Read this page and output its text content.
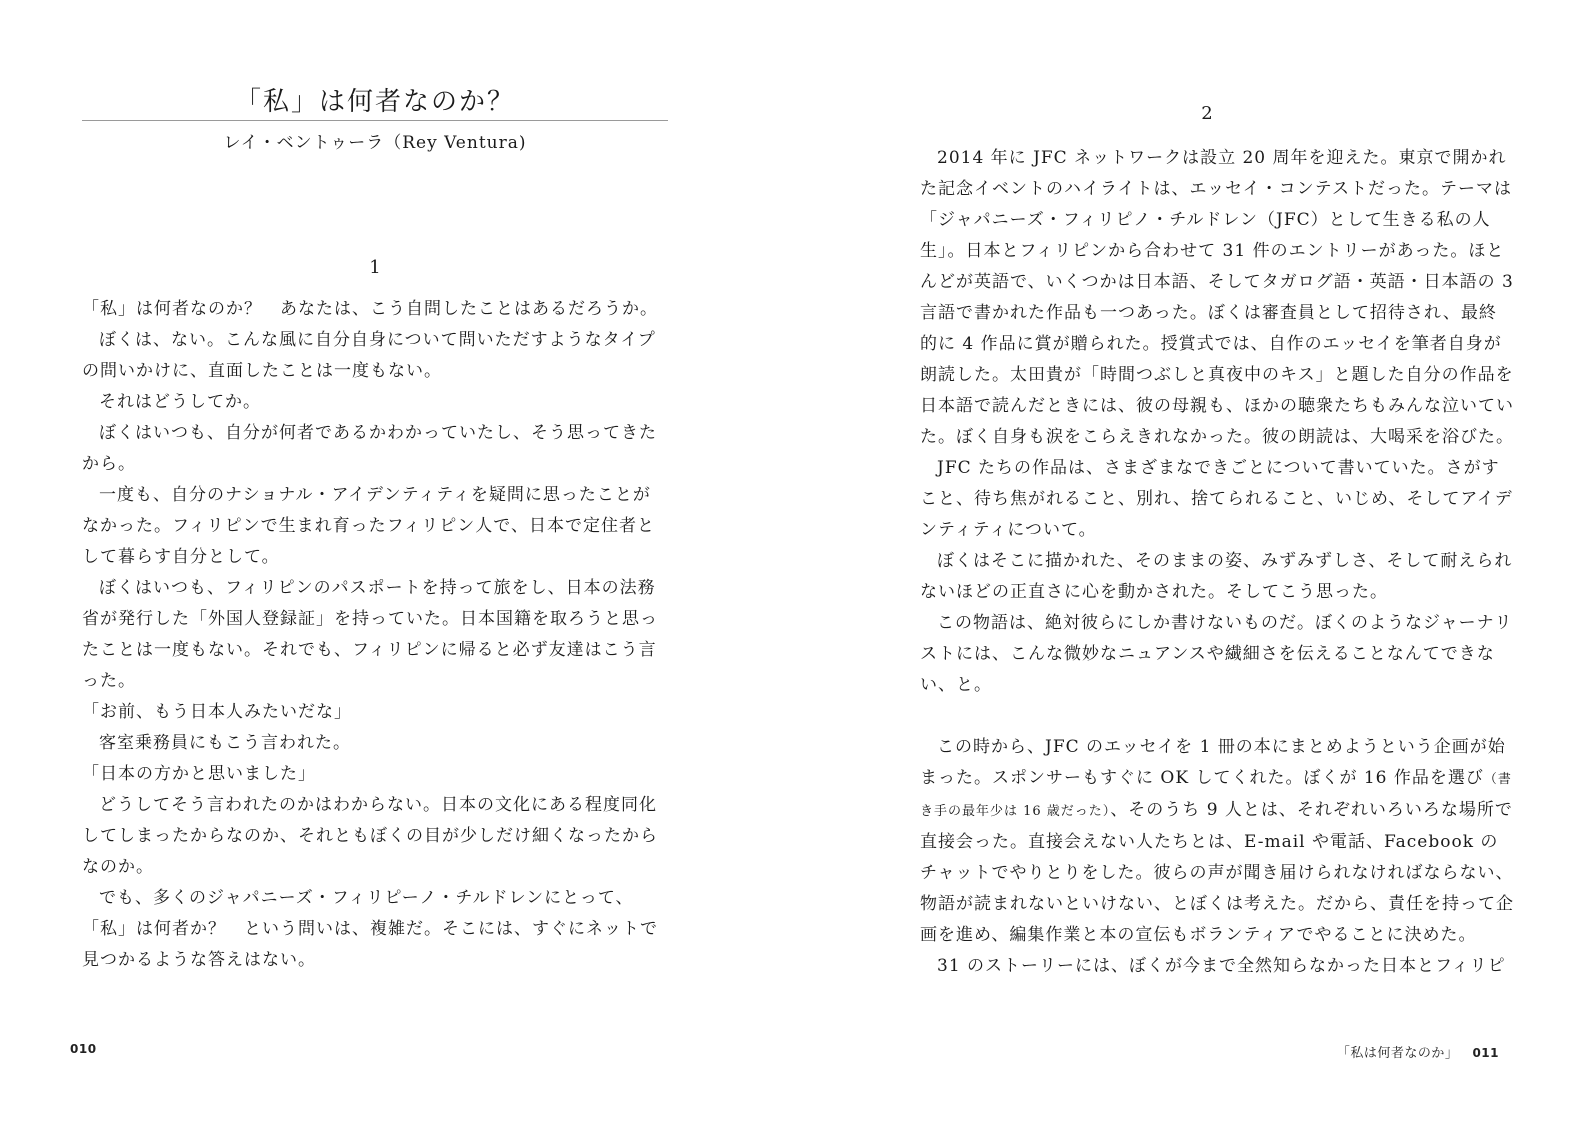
「私」は何者なのか？
レイ・ベントゥーラ（Rey Ventura)
1

「私」は何者なのか？　あなたは、こう自問したことはあるだろうか。

ぼくは、ない。こんな風に自分自身について問いただすようなタイプの問いかけに、直面したことは一度もない。

それはどうしてか。

ぼくはいつも、自分が何者であるかわかっていたし、そう思ってきたから。

一度も、自分のナショナル・アイデンティティを疑問に思ったことがなかった。フィリピンで生まれ育ったフィリピン人で、日本で定住者として暮らす自分として。

ぼくはいつも、フィリピンのパスポートを持って旅をし、日本の法務省が発行した「外国人登録証」を持っていた。日本国籍を取ろうと思ったことは一度もない。それでも、フィリピンに帰ると必ず友達はこう言った。

「お前、もう日本人みたいだな」

客室乗務員にもこう言われた。

「日本の方かと思いました」

どうしてそう言われたのかはわからない。日本の文化にある程度同化してしまったからなのか、それともぼくの目が少しだけ細くなったからなのか。

でも、多くのジャパニーズ・フィリピーノ・チルドレンにとって、「私」は何者か？　という問いは、複雑だ。そこには、すぐにネットで見つかるような答えはない。

010
2

2014 年に JFC ネットワークは設立 20 周年を迎えた。東京で開かれた記念イベントのハイライトは、エッセイ・コンテストだった。テーマは「ジャパニーズ・フィリピノ・チルドレン（JFC）として生きる私の人生」。日本とフィリピンから合わせて 31 件のエントリーがあった。ほとんどが英語で、いくつかは日本語、そしてタガログ語・英語・日本語の 3 言語で書かれた作品も一つあった。ぼくは審査員として招待され、最終的に 4 作品に賞が贈られた。授賞式では、自作のエッセイを筆者自身が朗読した。太田貴が「時間つぶしと真夜中のキス」と題した自分の作品を日本語で読んだときには、彼の母親も、ほかの聴衆たちもみんな泣いていた。ぼく自身も涙をこらえきれなかった。彼の朗読は、大喝采を浴びた。

JFC たちの作品は、さまざまなできごとについて書いていた。さがすこと、待ち焦がれること、別れ、捨てられること、いじめ、そしてアイデンティティについて。

ぼくはそこに描かれた、そのままの姿、みずみずしさ、そして耐えられないほどの正直さに心を動かされた。そしてこう思った。

この物語は、絶対彼らにしか書けないものだ。ぼくのようなジャーナリストには、こんな微妙なニュアンスや繊細さを伝えることなんてできない、と。

この時から、JFC のエッセイを 1 冊の本にまとめようという企画が始まった。スポンサーもすぐに OK してくれた。ぼくが 16 作品を選び（書き手の最年少は 16 歳だった）、そのうち 9 人とは、それぞれいろいろな場所で直接会った。直接会えない人たちとは、E-mail や電話、Facebook のチャットでやりとりをした。彼らの声が聞き届けられなければならない、物語が読まれないといけない、とぼくは考えた。だから、責任を持って企画を進め、編集作業と本の宣伝もボランティアでやることに決めた。

31 のストーリーには、ぼくが今まで全然知らなかった日本とフィリピ

「私は何者なのか」 011
